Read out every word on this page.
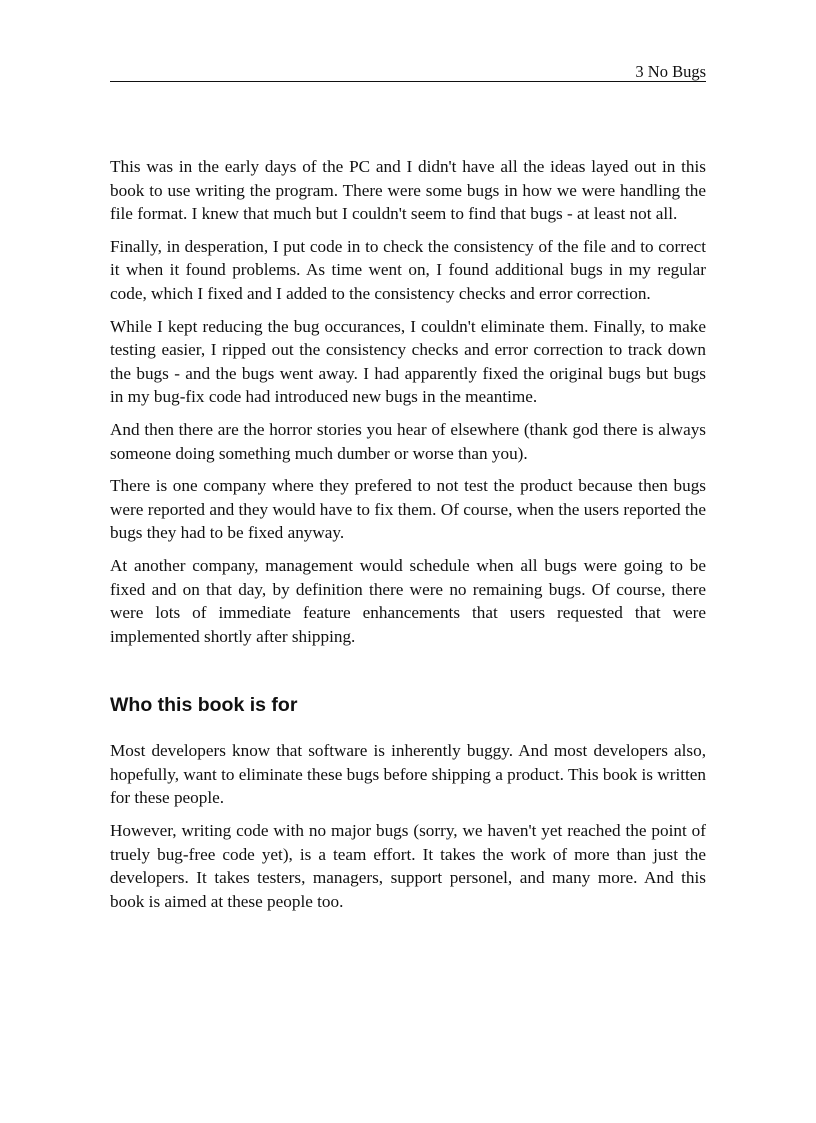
3 No Bugs

This was in the early days of the PC and I didn't have all the ideas layed out in this book to use writing the program. There were some bugs in how we were handling the file format. I knew that much but I couldn't seem to find that bugs - at least not all.

Finally, in desperation, I put code in to check the consistency of the file and to correct it when it found problems. As time went on, I found additional bugs in my regular code, which I fixed and I added to the consistency checks and error correction.

While I kept reducing the bug occurances, I couldn't eliminate them. Finally, to make testing easier, I ripped out the consistency checks and error correction to track down the bugs - and the bugs went away. I had apparently fixed the original bugs but bugs in my bug-fix code had introduced new bugs in the meantime.

And then there are the horror stories you hear of elsewhere (thank god there is always someone doing something much dumber or worse than you).

There is one company where they prefered to not test the product because then bugs were reported and they would have to fix them. Of course, when the users reported the bugs they had to be fixed anyway.

At another company, management would schedule when all bugs were going to be fixed and on that day, by definition there were no remaining bugs. Of course, there were lots of immediate feature enhancements that users requested that were implemented shortly after shipping.

Who this book is for

Most developers know that software is inherently buggy. And most developers also, hopefully, want to eliminate these bugs before shipping a product. This book is written for these people.

However, writing code with no major bugs (sorry, we haven't yet reached the point of truely bug-free code yet), is a team effort. It takes the work of more than just the developers. It takes testers, managers, support personel, and many more. And this book is aimed at these people too.
